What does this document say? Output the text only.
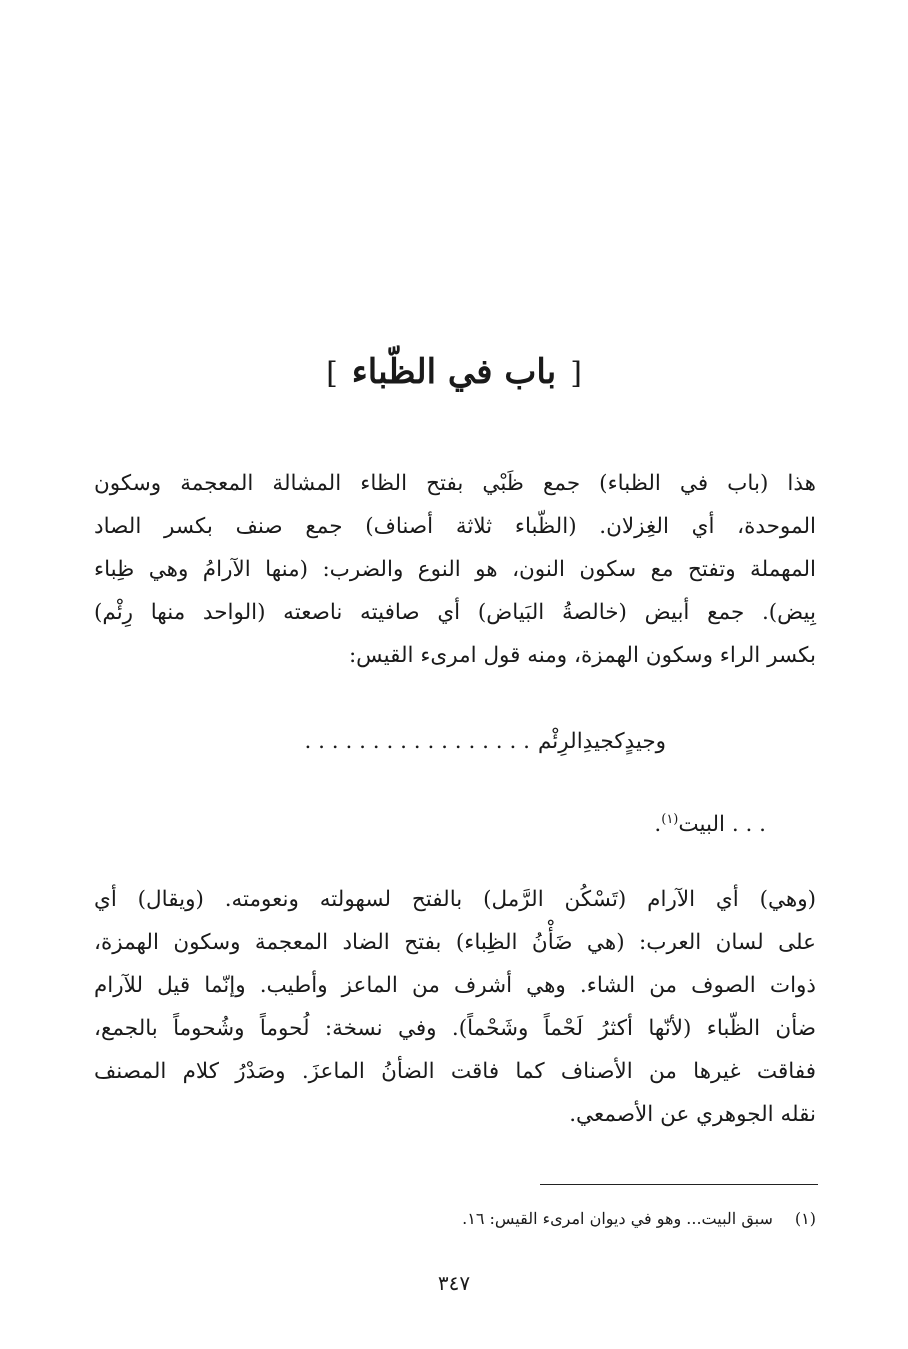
[باب في الظّباء]
هذا (باب في الظباء) جمع ظَبْي بفتح الظاء المشالة المعجمة وسكون
الموحدة، أي الغِزلان. (الظّباء ثلاثة أصناف) جمع صنف بكسر الصاد
المهملة وتفتح مع سكون النون، هو النوع والضرب: (منها الآرامُ وهي ظِباء
بِيض). جمع أبيض (خالصةُ البَياض) أي صافيته ناصعته (الواحد منها رِئْم)
بكسر الراء وسكون الهمزة، ومنه قول امرىء القيس:
وجيدٍكجيدِالرِئْم. . . . . . . . . . . . . . . . .
. . . البيت$^{(١)}$.
(وهي) أي الآرام (تَسْكُن الرَّمل) بالفتح لسهولته ونعومته. (ويقال) أي
على لسان العرب: (هي ضَأْنُ الظِباء) بفتح الضاد المعجمة وسكون الهمزة،
ذوات الصوف من الشاء. وهي أشرف من الماعز وأطيب. وإنّما قيل للآرام
ضأن الظّباء (لأنّها أكثرُ لَحْماً وشَحْماً). وفي نسخة: لُحوماً وشُحوماً بالجمع،
ففاقت غيرها من الأصناف كما فاقت الضأنُ الماعزَ. وصَدْرُ كلام المصنف
نقله الجوهري عن الأصمعي.
(١)سبق البيت... وهو في ديوان امرىء القيس: ١٦.
٣٤٧
